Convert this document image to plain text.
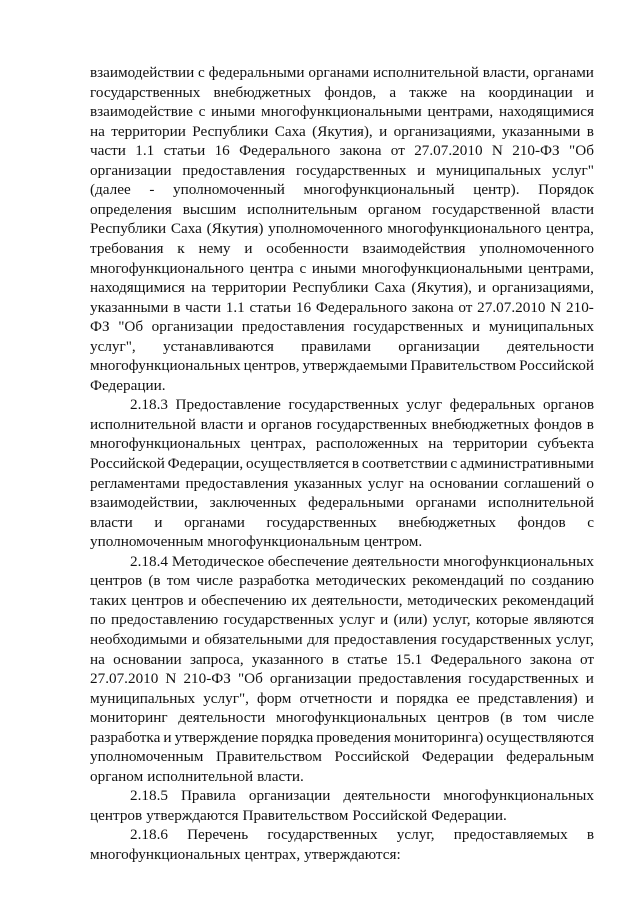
взаимодействии с федеральными органами исполнительной власти, органами
государственных внебюджетных фондов, а также на координации и
взаимодействие с иными многофункциональными центрами, находящимися
на территории Республики Саха (Якутия), и организациями, указанными в
части 1.1 статьи 16 Федерального закона от 27.07.2010 N 210-ФЗ "Об
организации предоставления государственных и муниципальных услуг"
(далее - уполномоченный многофункциональный центр). Порядок
определения высшим исполнительным органом государственной власти
Республики Саха (Якутия) уполномоченного многофункционального центра,
требования к нему и особенности взаимодействия уполномоченного
многофункционального центра с иными многофункциональными центрами,
находящимися на территории Республики Саха (Якутия), и организациями,
указанными в части 1.1 статьи 16 Федерального закона от 27.07.2010 N 210-
ФЗ "Об организации предоставления государственных и муниципальных
услуг", устанавливаются правилами организации деятельности
многофункциональных центров, утверждаемыми Правительством Российской
Федерации.
2.18.3 Предоставление государственных услуг федеральных органов
исполнительной власти и органов государственных внебюджетных фондов в
многофункциональных центрах, расположенных на территории субъекта
Российской Федерации, осуществляется в соответствии с административными
регламентами предоставления указанных услуг на основании соглашений о
взаимодействии, заключенных федеральными органами исполнительной
власти и органами государственных внебюджетных фондов с
уполномоченным многофункциональным центром.
2.18.4 Методическое обеспечение деятельности многофункциональных
центров (в том числе разработка методических рекомендаций по созданию
таких центров и обеспечению их деятельности, методических рекомендаций
по предоставлению государственных услуг и (или) услуг, которые являются
необходимыми и обязательными для предоставления государственных услуг,
на основании запроса, указанного в статье 15.1 Федерального закона от
27.07.2010 N 210-ФЗ "Об организации предоставления государственных и
муниципальных услуг", форм отчетности и порядка ее представления) и
мониторинг деятельности многофункциональных центров (в том числе
разработка и утверждение порядка проведения мониторинга) осуществляются
уполномоченным Правительством Российской Федерации федеральным
органом исполнительной власти.
2.18.5 Правила организации деятельности многофункциональных
центров утверждаются Правительством Российской Федерации.
2.18.6 Перечень государственных услуг, предоставляемых в
многофункциональных центрах, утверждаются:
